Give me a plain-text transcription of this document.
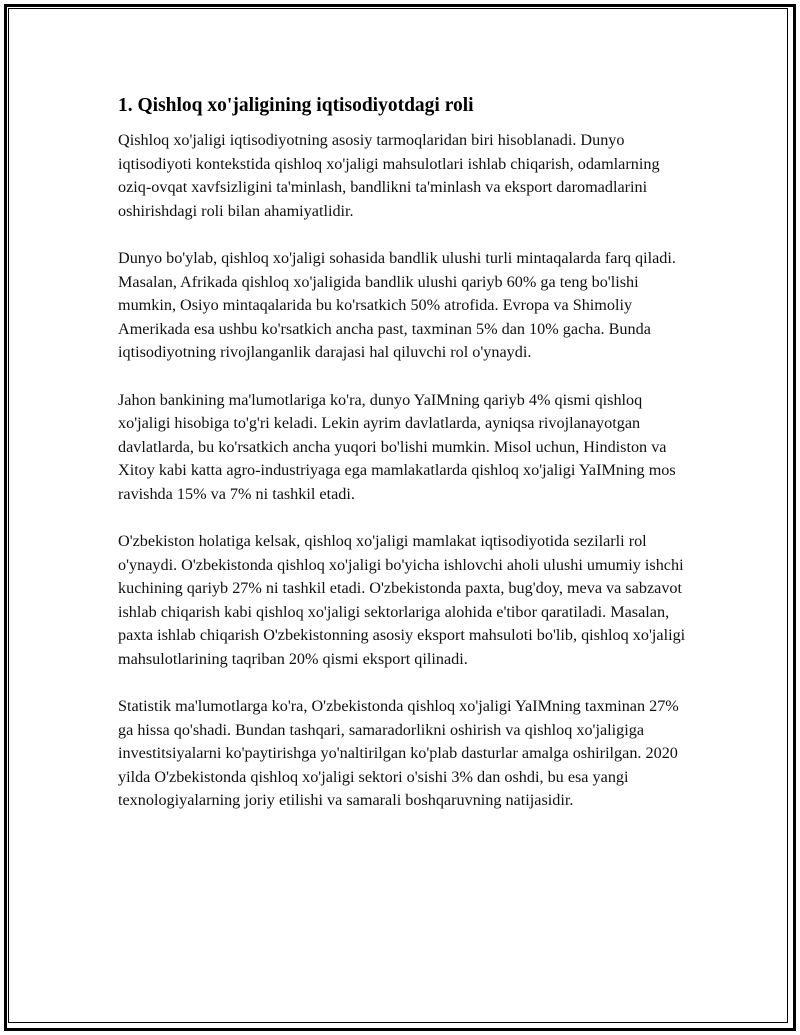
1. Qishloq xo'jaligining iqtisodiyotdagi roli

Qishloq xo'jaligi iqtisodiyotning asosiy tarmoqlaridan biri hisoblanadi. Dunyo iqtisodiyoti kontekstida qishloq xo'jaligi mahsulotlari ishlab chiqarish, odamlarning oziq-ovqat xavfsizligini ta'minlash, bandlikni ta'minlash va eksport daromadlarini oshirishdagi roli bilan ahamiyatlidir.

Dunyo bo'ylab, qishloq xo'jaligi sohasida bandlik ulushi turli mintaqalarda farq qiladi. Masalan, Afrikada qishloq xo'jaligida bandlik ulushi qariyb 60% ga teng bo'lishi mumkin, Osiyo mintaqalarida bu ko'rsatkich 50% atrofida. Evropa va Shimoliy Amerikada esa ushbu ko'rsatkich ancha past, taxminan 5% dan 10% gacha. Bunda iqtisodiyotning rivojlanganlik darajasi hal qiluvchi rol o'ynaydi.

Jahon bankining ma'lumotlariga ko'ra, dunyo YaIMning qariyb 4% qismi qishloq xo'jaligi hisobiga to'g'ri keladi. Lekin ayrim davlatlarda, ayniqsa rivojlanayotgan davlatlarda, bu ko'rsatkich ancha yuqori bo'lishi mumkin. Misol uchun, Hindiston va Xitoy kabi katta agro-industriyaga ega mamlakatlarda qishloq xo'jaligi YaIMning mos ravishda 15% va 7% ni tashkil etadi.

O'zbekiston holatiga kelsak, qishloq xo'jaligi mamlakat iqtisodiyotida sezilarli rol o'ynaydi. O'zbekistonda qishloq xo'jaligi bo'yicha ishlovchi aholi ulushi umumiy ishchi kuchining qariyb 27% ni tashkil etadi. O'zbekistonda paxta, bug'doy, meva va sabzavot ishlab chiqarish kabi qishloq xo'jaligi sektorlariga alohida e'tibor qaratiladi. Masalan, paxta ishlab chiqarish O'zbekistonning asosiy eksport mahsuloti bo'lib, qishloq xo'jaligi mahsulotlarining taqriban 20% qismi eksport qilinadi.

Statistik ma'lumotlarga ko'ra, O'zbekistonda qishloq xo'jaligi YaIMning taxminan 27% ga hissa qo'shadi. Bundan tashqari, samaradorlikni oshirish va qishloq xo'jaligiga investitsiyalarni ko'paytirishga yo'naltirilgan ko'plab dasturlar amalga oshirilgan. 2020 yilda O'zbekistonda qishloq xo'jaligi sektori o'sishi 3% dan oshdi, bu esa yangi texnologiyalarning joriy etilishi va samarali boshqaruvning natijasidir.
